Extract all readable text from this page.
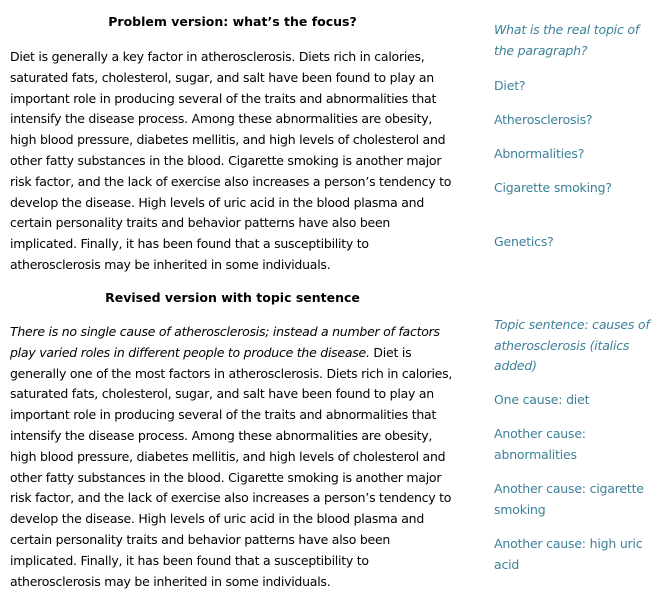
Problem version: what’s the focus?

Diet is generally a key factor in atherosclerosis. Diets rich in calories, saturated fats, cholesterol, sugar, and salt have been found to play an important role in producing several of the traits and abnormalities that intensify the disease process. Among these abnormalities are obesity, high blood pressure, diabetes mellitis, and high levels of cholesterol and other fatty substances in the blood. Cigarette smoking is another major risk factor, and the lack of exercise also increases a person’s tendency to develop the disease. High levels of uric acid in the blood plasma and certain personality traits and behavior patterns have also been implicated. Finally, it has been found that a susceptibility to atherosclerosis may be inherited in some individuals.

Revised version with topic sentence

There is no single cause of atherosclerosis; instead a number of factors play varied roles in different people to produce the disease. Diet is generally one of the most factors in atherosclerosis. Diets rich in calories, saturated fats, cholesterol, sugar, and salt have been found to play an important role in producing several of the traits and abnormalities that intensify the disease process. Among these abnormalities are obesity, high blood pressure, diabetes mellitis, and high levels of cholesterol and other fatty substances in the blood. Cigarette smoking is another major risk factor, and the lack of exercise also increases a person’s tendency to develop the disease. High levels of uric acid in the blood plasma and certain personality traits and behavior patterns have also been implicated. Finally, it has been found that a susceptibility to atherosclerosis may be inherited in some individuals.

What is the real topic of the paragraph?

Diet?

Atherosclerosis?

Abnormalities?

Cigarette smoking?

Genetics?

Topic sentence: causes of atherosclerosis (italics added)

One cause: diet

Another cause: abnormalities

Another cause: cigarette smoking

Another cause: high uric acid
